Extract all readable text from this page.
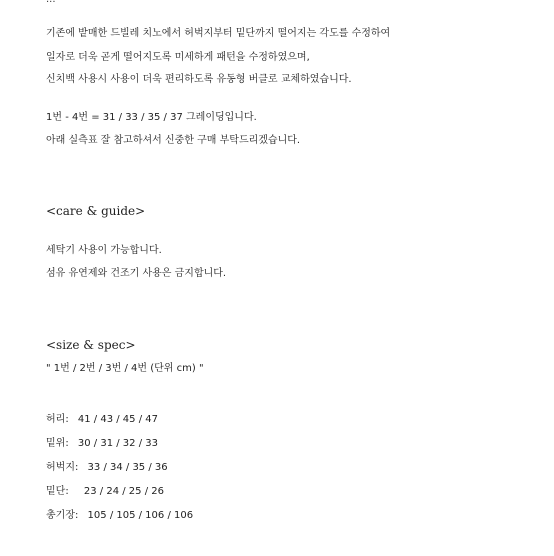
기존에 밭매한 드빌레 치노에서 허벅지부터 밑단까지 떨어지는 각도를 수정하여
일자로 더욱 곧게 떨어지도록 미세하게 패턴을 수정하였으며,
신치백 사용시 사용이 더욱 편리하도록 유동형 버클로 교체하였습니다.
1번 - 4번 = 31 / 33 / 35 / 37 그레이딩입니다.
아래 실측표 잘 참고하셔서 신중한 구매 부탁드리겠습니다.
<care & guide>
세탁기 사용이 가능합니다.
섬유 유연제와 건조기 사용은 금지합니다.
<size & spec>
" 1번 / 2번 / 3번 / 4번 (단위 cm) "
허리: 41 / 43 / 45 / 47
밑위: 30 / 31 / 32 / 33
허벅지: 33 / 34 / 35 / 36
밑단: 23 / 24 / 25 / 26
총기장: 105 / 105 / 106 / 106
